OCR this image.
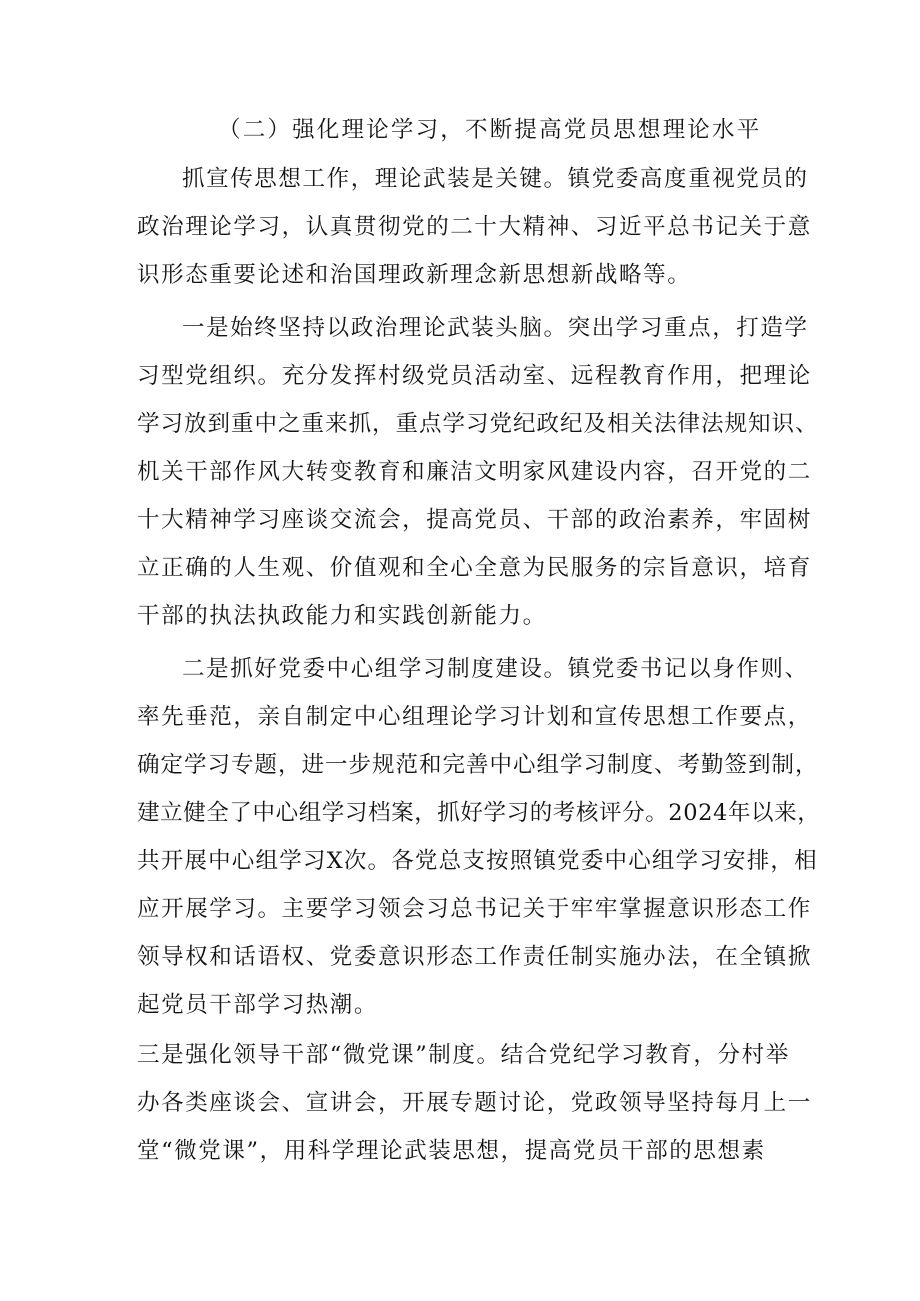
（二）强化理论学习，不断提高党员思想理论水平
抓宣传思想工作，理论武装是关键。镇党委高度重视党员的
政治理论学习，认真贯彻党的二十大精神、习近平总书记关于意
识形态重要论述和治国理政新理念新思想新战略等。
一是始终坚持以政治理论武装头脑。突出学习重点，打造学
习型党组织。充分发挥村级党员活动室、远程教育作用，把理论
学习放到重中之重来抓，重点学习党纪政纪及相关法律法规知识、
机关干部作风大转变教育和廉洁文明家风建设内容，召开党的二
十大精神学习座谈交流会，提高党员、干部的政治素养，牢固树
立正确的人生观、价值观和全心全意为民服务的宗旨意识，培育
干部的执法执政能力和实践创新能力。
二是抓好党委中心组学习制度建设。镇党委书记以身作则、
率先垂范，亲自制定中心组理论学习计划和宣传思想工作要点，
确定学习专题，进一步规范和完善中心组学习制度、考勤签到制，
建立健全了中心组学习档案，抓好学习的考核评分。2024年以来，
共开展中心组学习X次。各党总支按照镇党委中心组学习安排，相
应开展学习。主要学习领会习总书记关于牢牢掌握意识形态工作
领导权和话语权、党委意识形态工作责任制实施办法，在全镇掀
起党员干部学习热潮。
三是强化领导干部“微党课”制度。结合党纪学习教育，分村举
办各类座谈会、宣讲会，开展专题讨论，党政领导坚持每月上一
堂“微党课”，用科学理论武装思想，提高党员干部的思想素
